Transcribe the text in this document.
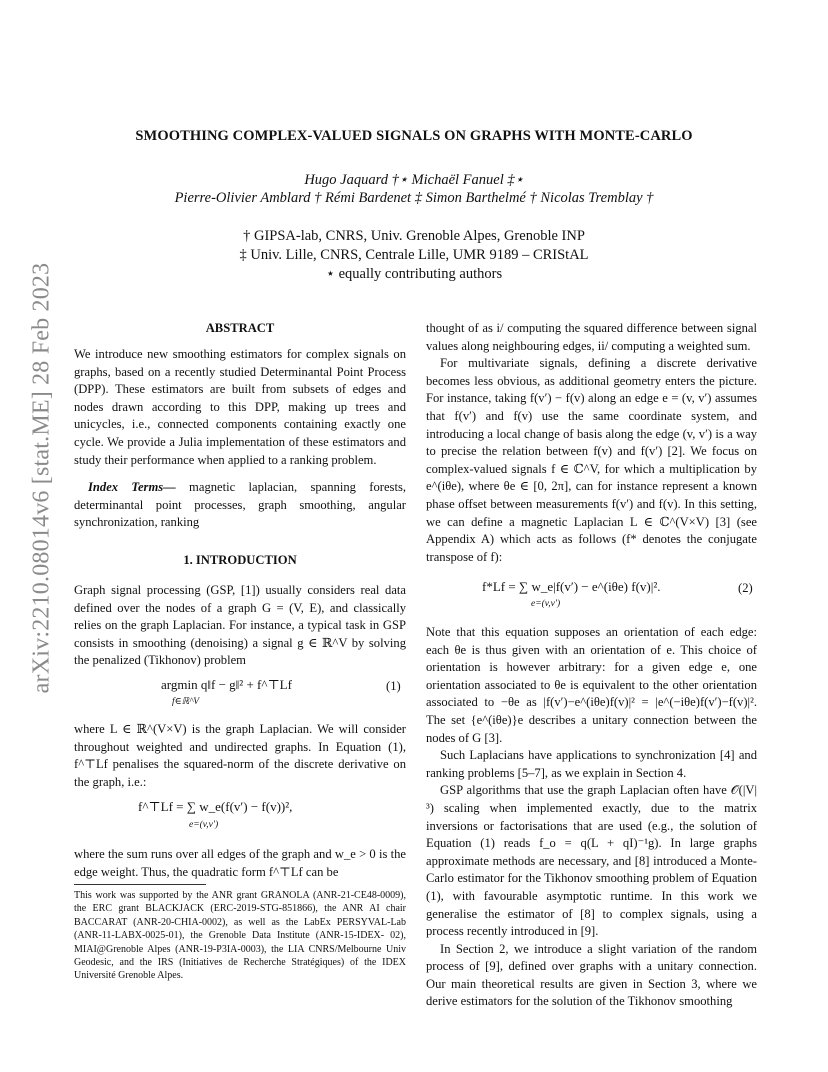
arXiv:2210.08014v6 [stat.ME] 28 Feb 2023
SMOOTHING COMPLEX-VALUED SIGNALS ON GRAPHS WITH MONTE-CARLO
Hugo Jaquard †⋆ Michaël Fanuel ‡⋆
Pierre-Olivier Amblard † Rémi Bardenet ‡ Simon Barthelmé † Nicolas Tremblay †
† GIPSA-lab, CNRS, Univ. Grenoble Alpes, Grenoble INP
‡ Univ. Lille, CNRS, Centrale Lille, UMR 9189 – CRIStAL
⋆ equally contributing authors
ABSTRACT

We introduce new smoothing estimators for complex signals on graphs, based on a recently studied Determinantal Point Process (DPP). These estimators are built from subsets of edges and nodes drawn according to this DPP, making up trees and unicycles, i.e., connected components containing exactly one cycle. We provide a Julia implementation of these estimators and study their performance when applied to a ranking problem.

Index Terms— magnetic laplacian, spanning forests, determinantal point processes, graph smoothing, angular synchronization, ranking

1. INTRODUCTION

Graph signal processing (GSP, [1]) usually considers real data defined over the nodes of a graph G = (V, E), and classically relies on the graph Laplacian. For instance, a typical task in GSP consists in smoothing (denoising) a signal g ∈ ℝ^V by solving the penalized (Tikhonov) problem

argmin q‖f − g‖² + f^⊤Lf
f∈ℝ^V
(1)

where L ∈ ℝ^(V×V) is the graph Laplacian. We will consider throughout weighted and undirected graphs. In Equation (1), f^⊤Lf penalises the squared-norm of the discrete derivative on the graph, i.e.:

f^⊤Lf = ∑ w_e(f(v′) − f(v))²,
e=(v,v′)

where the sum runs over all edges of the graph and w_e > 0 is the edge weight. Thus, the quadratic form f^⊤Lf can be

This work was supported by the ANR grant GRANOLA (ANR-21-CE48-0009), the ERC grant BLACKJACK (ERC-2019-STG-851866), the ANR AI chair BACCARAT (ANR-20-CHIA-0002), as well as the LabEx PERSYVAL-Lab (ANR-11-LABX-0025-01), the Grenoble Data Institute (ANR-15-IDEX- 02), MIAI@Grenoble Alpes (ANR-19-P3IA-0003), the LIA CNRS/Melbourne Univ Geodesic, and the IRS (Initiatives de Recherche Stratégiques) of the IDEX Université Grenoble Alpes.

thought of as i/ computing the squared difference between signal values along neighbouring edges, ii/ computing a weighted sum.

For multivariate signals, defining a discrete derivative becomes less obvious, as additional geometry enters the picture. For instance, taking f(v′) − f(v) along an edge e = (v, v′) assumes that f(v′) and f(v) use the same coordinate system, and introducing a local change of basis along the edge (v, v′) is a way to precise the relation between f(v) and f(v′) [2]. We focus on complex-valued signals f ∈ ℂ^V, for which a multiplication by e^(iθe), where θe ∈ [0, 2π], can for instance represent a known phase offset between measurements f(v′) and f(v). In this setting, we can define a magnetic Laplacian L ∈ ℂ^(V×V) [3] (see Appendix A) which acts as follows (f* denotes the conjugate transpose of f):

f*Lf = ∑ w_e|f(v′) − e^(iθe) f(v)|².
e=(v,v′)
(2)

Note that this equation supposes an orientation of each edge: each θe is thus given with an orientation of e. This choice of orientation is however arbitrary: for a given edge e, one orientation associated to θe is equivalent to the other orientation associated to −θe as |f(v′)−e^(iθe)f(v)|² = |e^(−iθe)f(v′)−f(v)|². The set {e^(iθe)}e describes a unitary connection between the nodes of G [3].

Such Laplacians have applications to synchronization [4] and ranking problems [5–7], as we explain in Section 4.

GSP algorithms that use the graph Laplacian often have 𝒪(|V|³) scaling when implemented exactly, due to the matrix inversions or factorisations that are used (e.g., the solution of Equation (1) reads f_o = q(L + qI)⁻¹g). In large graphs approximate methods are necessary, and [8] introduced a Monte-Carlo estimator for the Tikhonov smoothing problem of Equation (1), with favourable asymptotic runtime. In this work we generalise the estimator of [8] to complex signals, using a process recently introduced in [9].

In Section 2, we introduce a slight variation of the random process of [9], defined over graphs with a unitary connection. Our main theoretical results are given in Section 3, where we derive estimators for the solution of the Tikhonov smoothing
